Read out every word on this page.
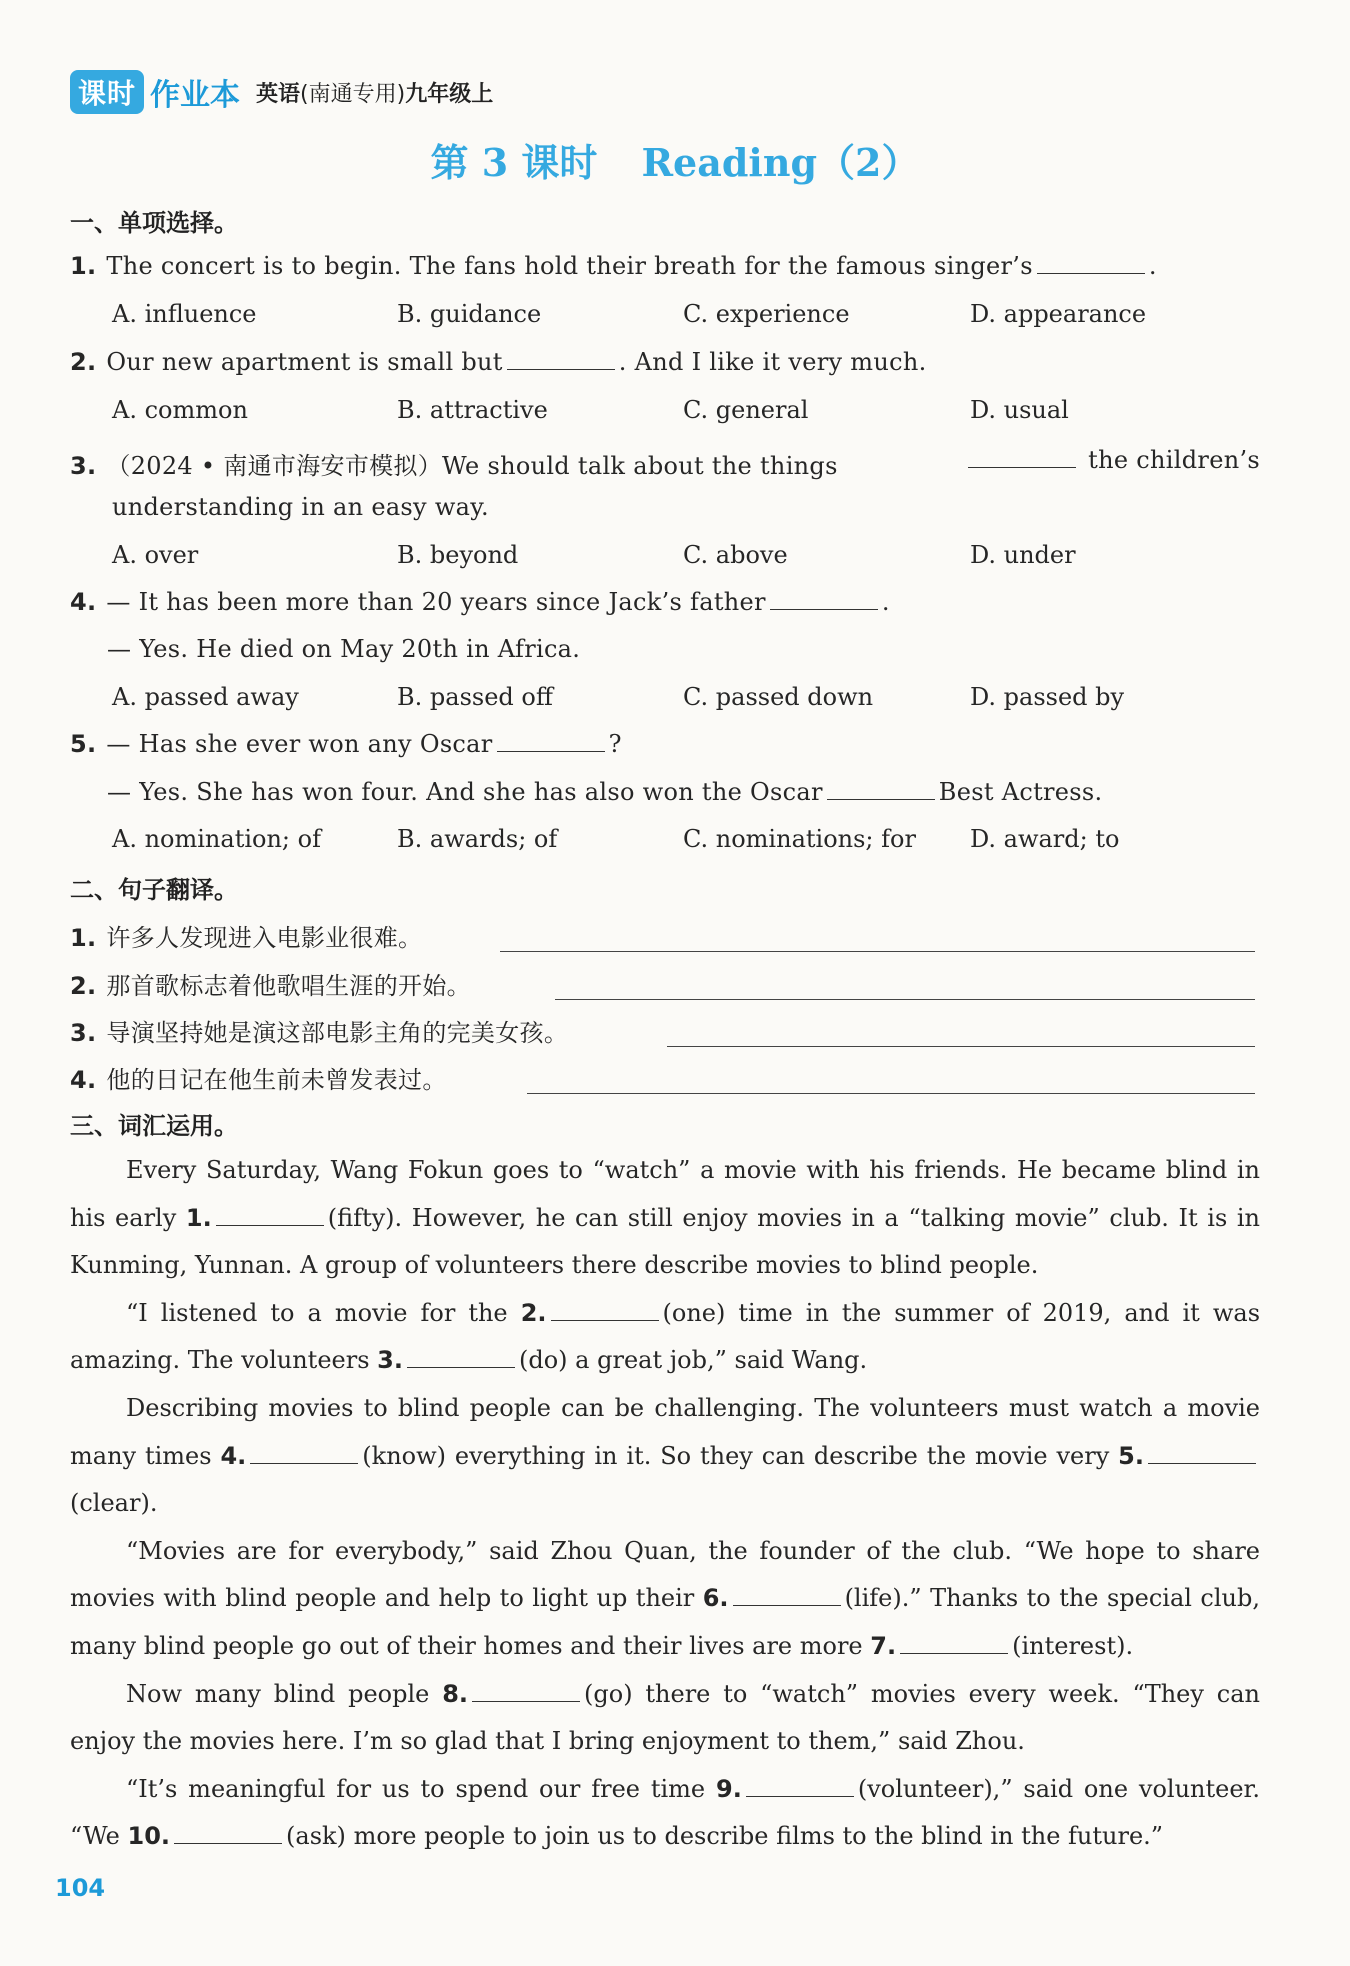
课时 作业本 英语(南通专用)九年级上
第 3 课时 Reading（2）
一、单项选择。
1. The concert is to begin. The fans hold their breath for the famous singer’s	.
A. influence	B. guidance	C. experience	D. appearance
2. Our new apartment is small but	. And I like it very much.
A. common	B. attractive	C. general	D. usual
3. （2024 • 南通市海安市模拟）We should talk about the things	the children’s
understanding in an easy way.
A. over	B. beyond	C. above	D. under
4. — It has been more than 20 years since Jack’s father	.
— Yes. He died on May 20th in Africa.
A. passed away	B. passed off	C. passed down	D. passed by
5. — Has she ever won any Oscar	?
— Yes. She has won four. And she has also won the Oscar	Best Actress.
A. nomination; of	B. awards; of	C. nominations; for D. award; to
二、句子翻译。
1. 许多人发现进入电影业很难。
2. 那首歌标志着他歌唱生涯的开始。
3. 导演坚持她是演这部电影主角的完美女孩。
4. 他的日记在他生前未曾发表过。
三、词汇运用。

Every Saturday, Wang Fokun goes to “watch” a movie with his friends. He became blind in his early 1.	(fifty). However, he can still enjoy movies in a “talking movie” club. It is in Kunming, Yunnan. A group of volunteers there describe movies to blind people.

“I listened to a movie for the 2.	(one) time in the summer of 2019, and it was amazing. The volunteers 3.	(do) a great job,” said Wang.

Describing movies to blind people can be challenging. The volunteers must watch a movie many times 4.	(know) everything in it. So they can describe the movie very 5.(clear).

“Movies are for everybody,” said Zhou Quan, the founder of the club. “We hope to share movies with blind people and help to light up their 6.	(life).” Thanks to the special club, many blind people go out of their homes and their lives are more 7.	(interest).

Now many blind people 8.	(go) there to “watch” movies every week. “They can enjoy the movies here. I’m so glad that I bring enjoyment to them,” said Zhou.

“It’s meaningful for us to spend our free time 9.	(volunteer),” said one volunteer. “We 10.	(ask) more people to join us to describe films to the blind in the future.”

104
